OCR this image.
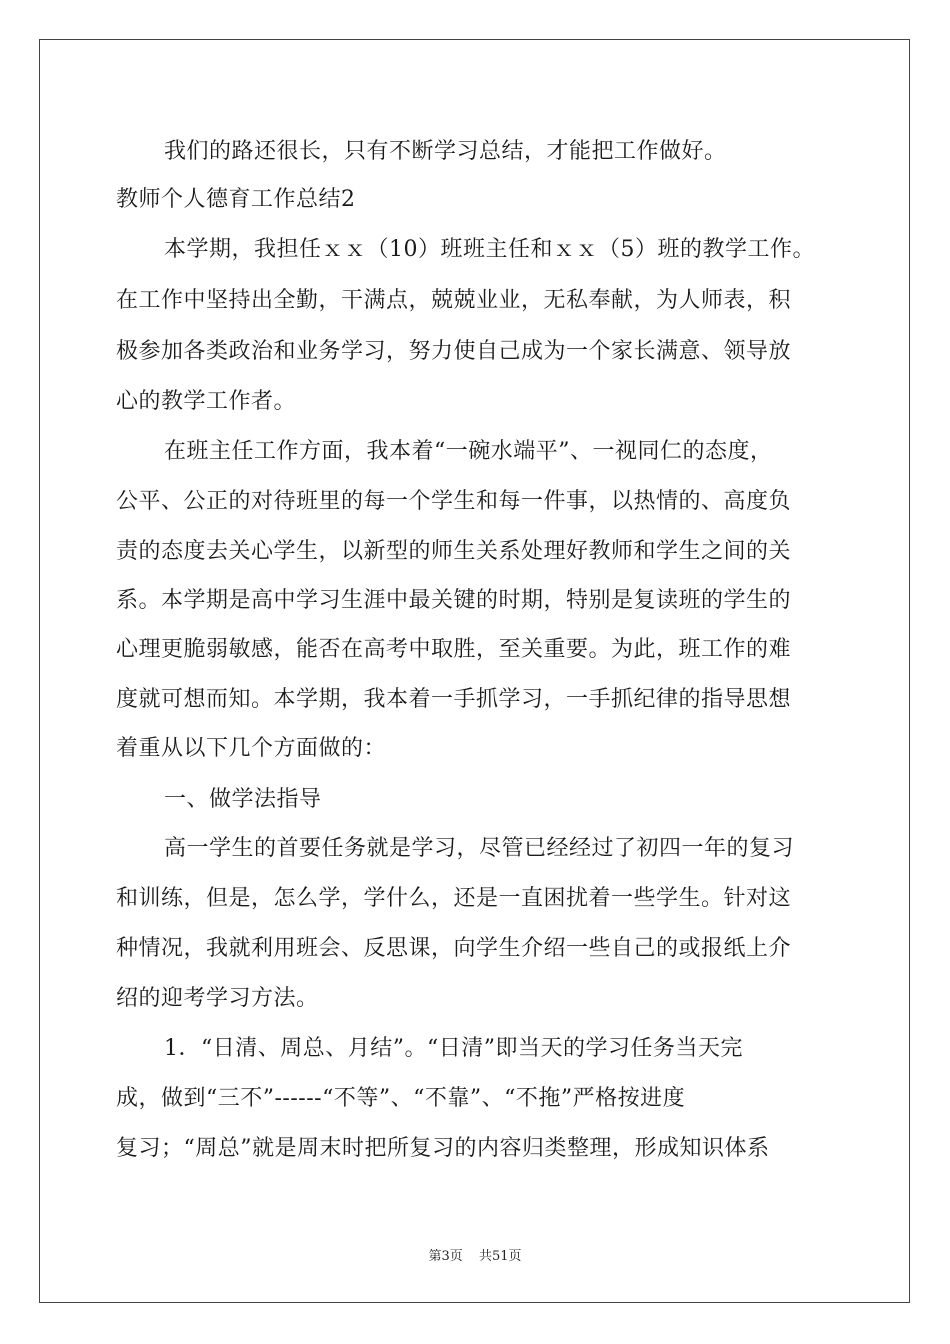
我们的路还很长，只有不断学习总结，才能把工作做好。
教师个人德育工作总结2
本学期，我担任ｘｘ（10）班班主任和ｘｘ（5）班的教学工作。
在工作中坚持出全勤，干满点，兢兢业业，无私奉献，为人师表，积
极参加各类政治和业务学习，努力使自己成为一个家长满意、领导放
心的教学工作者。
在班主任工作方面，我本着“一碗水端平”、一视同仁的态度，
公平、公正的对待班里的每一个学生和每一件事，以热情的、高度负
责的态度去关心学生，以新型的师生关系处理好教师和学生之间的关
系。本学期是高中学习生涯中最关键的时期，特别是复读班的学生的
心理更脆弱敏感，能否在高考中取胜，至关重要。为此，班工作的难
度就可想而知。本学期，我本着一手抓学习，一手抓纪律的指导思想
着重从以下几个方面做的：
一、做学法指导
高一学生的首要任务就是学习，尽管已经经过了初四一年的复习
和训练，但是，怎么学，学什么，还是一直困扰着一些学生。针对这
种情况，我就利用班会、反思课，向学生介绍一些自己的或报纸上介
绍的迎考学习方法。
1．“日清、周总、月结”。“日清”即当天的学习任务当天完
成，做到“三不”------“不等”、“不靠”、“不拖”严格按进度
复习；“周总”就是周末时把所复习的内容归类整理，形成知识体系
第3页 共51页
